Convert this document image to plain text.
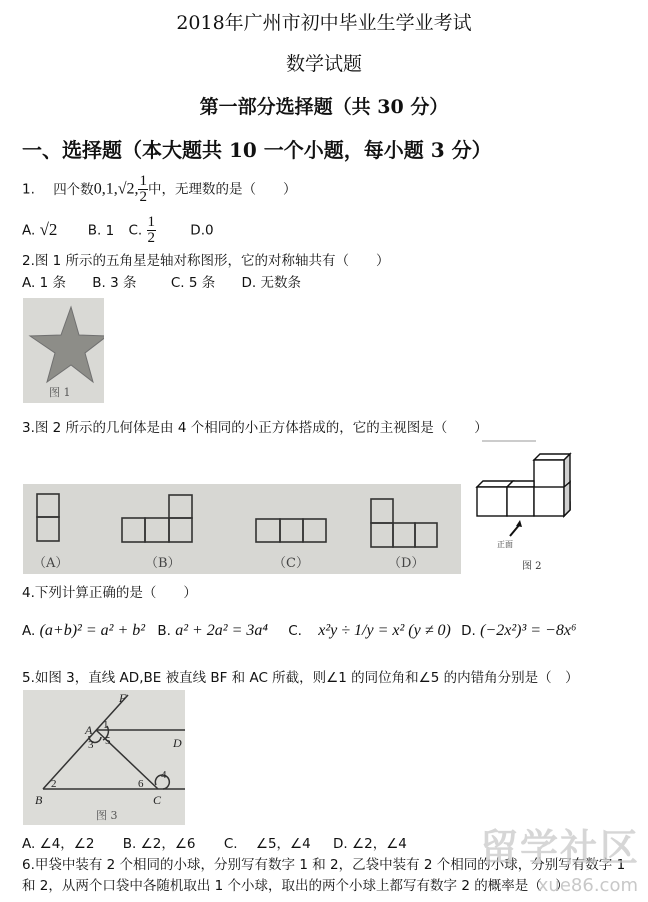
2018年广州市初中毕业生学业考试
数学试题
第一部分选择题（共 30 分）
一、选择题（本大题共 10 一个小题，每小题 3 分）
1. 四个数0,1,√2, $\frac{1}{2}$ 中，无理数的是（　　）
A. √2 B. 1 C. $\frac{1}{2}$	D.0
2.图 1 所示的五角星是轴对称图形，它的对称轴共有（　　）
A. 1 条 B. 3 条	C. 5 条 D. 无数条
图 1
3.图 2 所示的几何体是由 4 个相同的小正方体搭成的，它的主视图是（　　）
（A）	（B）	（C）	（D）
正面
图 2
4.下列计算正确的是（　　）
A. (a+b)² = a² + b² B. a² + 2a² = 3a⁴ C. x²y ÷ 1/y = x² (y ≠ 0) D. (−2x²)³ = −8x⁶
5.如图 3，直线 AD,BE 被直线 BF 和 AC 所截，则∠1 的同位角和∠5 的内错角分别是（　）
F
A
D
B	C
1
2
3
4
5
6
图 3
A. ∠4，∠2 B. ∠2，∠6 C. ∠5，∠4 D. ∠2，∠4
6.甲袋中装有 2 个相同的小球，分别写有数字 1 和 2，乙袋中装有 2 个相同的小球，分别写有数字 1
和 2，从两个口袋中各随机取出 1 个小球，取出的两个小球上都写有数字 2 的概率是（　）
留学社区
xue86.com
